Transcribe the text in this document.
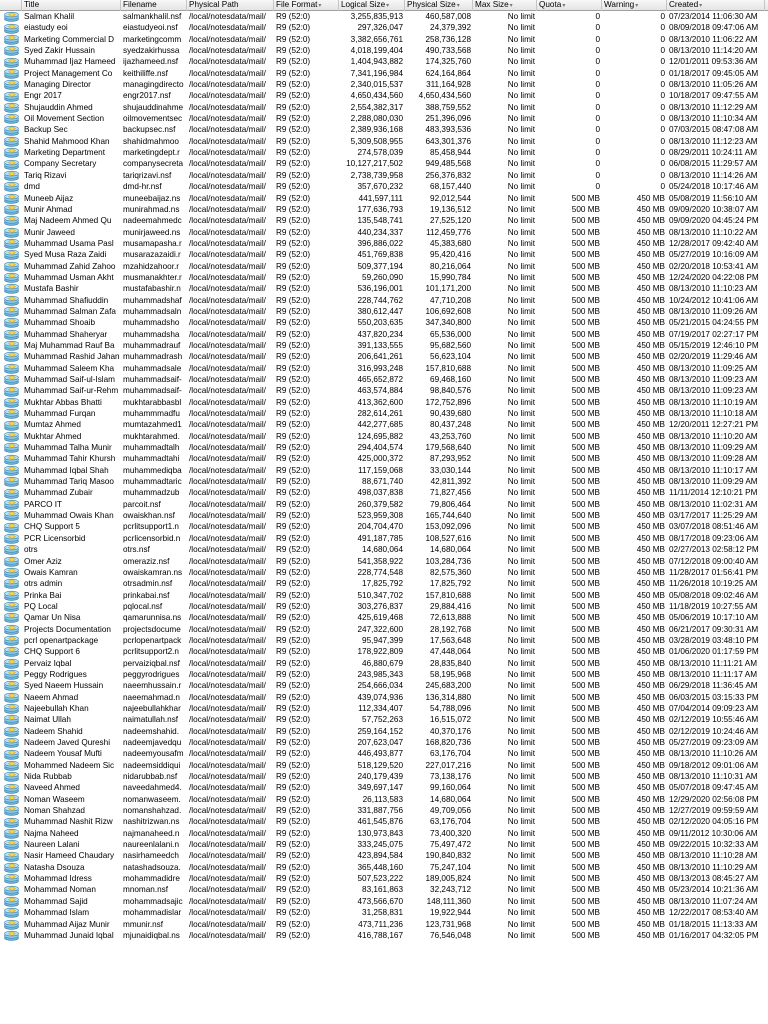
Title	Filename	Physical Path	File Format▾	Logical Size▾	Physical Size▾	Max Size▾	Quota▾	Warning▾	Created▾
Salman Khalil	salmankhalil.nsf /local/notesdata/mail/	R9 (52:0)	3,255,835,913	460,587,008	No limit	0	0 07/23/2014 11:06:30 AM
eiastudy eoi	eiastudyeoi.nsf	/local/notesdata/mail/	R9 (52:0)	297,326,047	24,379,392	No limit	0	0 08/09/2018 09:47:06 AM
Marketing Commercial D	marketingcomm /local/notesdata/mail/	R9 (52:0)	3,382,656,761	258,736,128	No limit	0	0 08/13/2010 11:06:22 AM
Syed Zakir Hussain	syedzakirhussa	/local/notesdata/mail/	R9 (52:0)	4,018,199,404	490,733,568	No limit	0	0 08/13/2010 11:14:20 AM
Muhammad Ijaz Hameed ijazhameed.nsf	/local/notesdata/mail/	R9 (52:0)	1,404,943,882	174,325,760	No limit	0	0 12/01/2011 09:53:36 AM
Project Management Co	keithiliffe.nsf	/local/notesdata/mail/	R9 (52:0)	7,341,196,984	624,164,864	No limit	0	0 01/18/2017 09:45:05 AM
Managing Director	managingdirecto /local/notesdata/mail/	R9 (52:0)	2,340,015,537	311,164,928	No limit	0	0 08/13/2010 11:05:26 AM
Engr 2017	engr2017.nsf	/local/notesdata/mail/	R9 (52:0)	4,650,434,560	4,650,434,560	No limit	0	0 10/18/2017 09:47:55 AM
Shujauddin Ahmed	shujauddinahme /local/notesdata/mail/	R9 (52:0)	2,554,382,317	388,759,552	No limit	0	0 08/13/2010 11:12:29 AM
Oil Movement Section	oilmovementsec /local/notesdata/mail/	R9 (52:0)	2,288,080,030	251,396,096	No limit	0	0 08/13/2010 11:10:34 AM
Backup Sec	backupsec.nsf	/local/notesdata/mail/	R9 (52:0)	2,389,936,168	483,393,536	No limit	0	0 07/03/2015 08:47:08 AM
Shahid Mahmood Khan	shahidmahmoo	/local/notesdata/mail/	R9 (52:0)	5,309,508,955	643,301,376	No limit	0	0 08/13/2010 11:12:23 AM
Marketing Department	marketingdept.r	/local/notesdata/mail/	R9 (52:0)	274,578,039	85,458,944	No limit	0	0 08/29/2011 10:24:11 AM
Company Secretary	companysecreta /local/notesdata/mail/	R9 (52:0)	10,127,217,502	949,485,568	No limit	0	0 06/08/2015 11:29:57 AM
Tariq Rizavi	tariqrizavi.nsf	/local/notesdata/mail/	R9 (52:0)	2,738,739,958	256,376,832	No limit	0	0 08/13/2010 11:14:26 AM
dmd	dmd-hr.nsf	/local/notesdata/mail/	R9 (52:0)	357,670,232	68,157,440	No limit	0	0 05/24/2018 10:17:46 AM
Muneeb Aijaz	muneebaijaz.ns	/local/notesdata/mail/	R9 (52:0)	441,597,111	92,012,544	No limit	500 MB	450 MB 05/08/2019 11:56:10 AM
Munir Ahmad	munirahmad.ns	/local/notesdata/mail/	R9 (52:0)	177,636,793	19,136,512	No limit	500 MB	450 MB 09/09/2020 10:38:07 AM
Maj Nadeem Ahmed Qu	nadeemahmedc /local/notesdata/mail/	R9 (52:0)	135,548,741	27,525,120	No limit	500 MB	450 MB 09/09/2020 04:45:24 PM
Munir Jaweed	munirjaweed.ns	/local/notesdata/mail/	R9 (52:0)	440,234,337	112,459,776	No limit	500 MB	450 MB 08/13/2010 11:10:22 AM
Muhammad Usama Pasl	musamapasha.r /local/notesdata/mail/	R9 (52:0)	396,886,022	45,383,680	No limit	500 MB	450 MB 12/28/2017 09:42:40 AM
Syed Musa Raza Zaidi	musarazazaidi.r	/local/notesdata/mail/	R9 (52:0)	451,769,838	95,420,416	No limit	500 MB	450 MB 05/27/2019 10:16:09 AM
Muhammad Zahid Zahoo mzahidzahoor.r	/local/notesdata/mail/	R9 (52:0)	509,377,194	80,216,064	No limit	500 MB	450 MB 02/20/2018 10:53:41 AM
Muhammad Usman Akht	musmanakhter.r /local/notesdata/mail/	R9 (52:0)	59,260,090	15,990,784	No limit	500 MB	450 MB 12/24/2020 04:22:08 PM
Mustafa Bashir	mustafabashir.n /local/notesdata/mail/	R9 (52:0)	536,196,001	101,171,200	No limit	500 MB	450 MB 08/13/2010 11:10:23 AM
Muhammad Shafiuddin	muhammadshaf /local/notesdata/mail/	R9 (52:0)	228,744,762	47,710,208	No limit	500 MB	450 MB 10/24/2012 10:41:06 AM
Muhammad Salman Zafa muhammadsaln /local/notesdata/mail/	R9 (52:0)	380,612,447	106,692,608	No limit	500 MB	450 MB 08/13/2010 11:09:26 AM
Muhammad Shoaib	muhammadsho	/local/notesdata/mail/	R9 (52:0)	550,203,635	347,340,800	No limit	500 MB	450 MB 05/21/2015 04:24:55 PM
Muhammad Shaheryar	muhammadsha	/local/notesdata/mail/	R9 (52:0)	437,820,234	65,536,000	No limit	500 MB	450 MB 07/19/2017 02:27:17 PM
Maj Muhammad Rauf Ba	muhammadrauf	/local/notesdata/mail/	R9 (52:0)	391,133,555	95,682,560	No limit	500 MB	450 MB 05/15/2019 12:46:10 PM
Muhammad Rashid Jahan muhammadrash /local/notesdata/mail/	R9 (52:0)	206,641,261	56,623,104	No limit	500 MB	450 MB 02/20/2019 11:29:46 AM
Muhammad Saleem Kha	muhammadsale /local/notesdata/mail/	R9 (52:0)	316,993,248	157,810,688	No limit	500 MB	450 MB 08/13/2010 11:09:25 AM
Muhammad Saif-ul-Islam muhammadsaif- /local/notesdata/mail/	R9 (52:0)	465,652,872	69,468,160	No limit	500 MB	450 MB 08/13/2010 11:09:23 AM
Muhammad Saif-ur-Rehm muhammadsaif- /local/notesdata/mail/	R9 (52:0)	463,574,884	98,840,576	No limit	500 MB	450 MB 08/13/2010 11:09:23 AM
Mukhtar Abbas Bhatti	mukhtarabbasbl /local/notesdata/mail/	R9 (52:0)	413,362,600	172,752,896	No limit	500 MB	450 MB 08/13/2010 11:10:19 AM
Muhammad Furqan	muhammmadfu	/local/notesdata/mail/	R9 (52:0)	282,614,261	90,439,680	No limit	500 MB	450 MB 08/13/2010 11:10:18 AM
Mumtaz Ahmed	mumtazahmed1 /local/notesdata/mail/	R9 (52:0)	442,277,685	80,437,248	No limit	500 MB	450 MB 12/20/2011 12:27:21 PM
Mukhtar Ahmed	mukhtarahmed.	/local/notesdata/mail/	R9 (52:0)	124,695,882	43,253,760	No limit	500 MB	450 MB 08/13/2010 11:10:20 AM
Muhammad Talha Munir	muhammadtalh	/local/notesdata/mail/	R9 (52:0)	294,404,574	179,568,640	No limit	500 MB	450 MB 08/13/2010 11:09:29 AM
Muhammad Tahir Khursh muhammadtahi	/local/notesdata/mail/	R9 (52:0)	425,000,372	87,293,952	No limit	500 MB	450 MB 08/13/2010 11:09:28 AM
Muhammad Iqbal Shah	muhammediqba /local/notesdata/mail/	R9 (52:0)	117,159,068	33,030,144	No limit	500 MB	450 MB 08/13/2010 11:10:17 AM
Muhammad Tariq Masoo	muhammadtaric /local/notesdata/mail/	R9 (52:0)	88,671,740	42,811,392	No limit	500 MB	450 MB 08/13/2010 11:09:29 AM
Muhammad Zubair	muhammadzub	/local/notesdata/mail/	R9 (52:0)	498,037,838	71,827,456	No limit	500 MB	450 MB 11/11/2014 12:10:21 PM
PARCO IT	parcoit.nsf	/local/notesdata/mail/	R9 (52:0)	260,379,582	79,806,464	No limit	500 MB	450 MB 08/13/2010 11:02:31 AM
Muhammad Owais Khan	owaiskhan.nsf	/local/notesdata/mail/	R9 (52:0)	523,959,308	165,744,640	No limit	500 MB	450 MB 03/17/2017 11:25:29 AM
CHQ Support 5	pcrlitsupport1.n	/local/notesdata/mail/	R9 (52:0)	204,704,470	153,092,096	No limit	500 MB	450 MB 03/07/2018 08:51:46 AM
PCR Licensorbid	pcrlicensorbid.n	/local/notesdata/mail/	R9 (52:0)	491,187,785	108,527,616	No limit	500 MB	450 MB 08/17/2018 09:23:06 AM
otrs	otrs.nsf	/local/notesdata/mail/	R9 (52:0)	14,680,064	14,680,064	No limit	500 MB	450 MB 02/27/2013 02:58:12 PM
Omer Aziz	omeraziz.nsf	/local/notesdata/mail/	R9 (52:0)	541,358,922	103,284,736	No limit	500 MB	450 MB 07/12/2018 09:00:40 AM
Owais Kamran	owaiskamran.ns /local/notesdata/mail/	R9 (52:0)	228,774,548	82,575,360	No limit	500 MB	450 MB 11/28/2017 01:56:41 PM
otrs admin	otrsadmin.nsf	/local/notesdata/mail/	R9 (52:0)	17,825,792	17,825,792	No limit	500 MB	450 MB 11/26/2018 10:19:25 AM
Prinka Bai	prinkabai.nsf	/local/notesdata/mail/	R9 (52:0)	510,347,702	157,810,688	No limit	500 MB	450 MB 05/08/2018 09:02:46 AM
PQ Local	pqlocal.nsf	/local/notesdata/mail/	R9 (52:0)	303,276,837	29,884,416	No limit	500 MB	450 MB 11/18/2019 10:27:55 AM
Qamar Un Nisa	qamarunnisa.ns /local/notesdata/mail/	R9 (52:0)	425,619,468	72,613,888	No limit	500 MB	450 MB 05/06/2019 10:17:10 AM
Projects Documentation	projectsdocume	/local/notesdata/mail/	R9 (52:0)	247,322,600	28,192,768	No limit	500 MB	450 MB 06/21/2017 09:30:31 AM
pcrl openartpackage	pcrlopenartpack /local/notesdata/mail/	R9 (52:0)	95,947,399	17,563,648	No limit	500 MB	450 MB 03/28/2019 03:48:10 PM
CHQ Support 6	pcrlitsupport2.n	/local/notesdata/mail/	R9 (52:0)	178,922,809	47,448,064	No limit	500 MB	450 MB 01/06/2020 01:17:59 PM
Pervaiz Iqbal	pervaiziqbal.nsf	/local/notesdata/mail/	R9 (52:0)	46,880,679	28,835,840	No limit	500 MB	450 MB 08/13/2010 11:11:21 AM
Peggy Rodrigues	peggyrodrigues	/local/notesdata/mail/	R9 (52:0)	243,985,343	58,195,968	No limit	500 MB	450 MB 08/13/2010 11:11:17 AM
Syed Naeem Hussain	naeemhussain.r /local/notesdata/mail/	R9 (52:0)	254,666,034	245,683,200	No limit	500 MB	450 MB 06/29/2018 11:36:45 AM
Naeem Ahmad	naeemahmad.n	/local/notesdata/mail/	R9 (52:0)	439,074,936	136,314,880	No limit	500 MB	450 MB 06/03/2015 03:15:33 PM
Najeebullah Khan	najeebullahkhar /local/notesdata/mail/	R9 (52:0)	112,334,407	54,788,096	No limit	500 MB	450 MB 07/04/2014 09:09:23 AM
Naimat Ullah	naimatullah.nsf	/local/notesdata/mail/	R9 (52:0)	57,752,263	16,515,072	No limit	500 MB	450 MB 02/12/2019 10:55:46 AM
Nadeem Shahid	nadeemshahid.	/local/notesdata/mail/	R9 (52:0)	259,164,152	40,370,176	No limit	500 MB	450 MB 02/12/2019 10:24:46 AM
Nadeem Javed Qureshi	nadeemjavedqu /local/notesdata/mail/	R9 (52:0)	207,623,047	168,820,736	No limit	500 MB	450 MB 05/27/2019 09:23:09 AM
Nadeem Yousaf Mufti	nadeemyousafm /local/notesdata/mail/	R9 (52:0)	446,493,877	63,176,704	No limit	500 MB	450 MB 08/13/2010 11:10:26 AM
Mohammed Nadeem Sic	nadeemsiddiqui	/local/notesdata/mail/	R9 (52:0)	518,129,520	227,017,216	No limit	500 MB	450 MB 09/18/2012 09:01:06 AM
Nida Rubbab	nidarubbab.nsf	/local/notesdata/mail/	R9 (52:0)	240,179,439	73,138,176	No limit	500 MB	450 MB 08/13/2010 11:10:31 AM
Naveed Ahmed	naveedahmed4. /local/notesdata/mail/	R9 (52:0)	349,697,147	99,160,064	No limit	500 MB	450 MB 05/07/2018 09:47:45 AM
Noman Waseem	nomanwaseem.	/local/notesdata/mail/	R9 (52:0)	26,113,583	14,680,064	No limit	500 MB	450 MB 12/29/2020 02:56:08 PM
Noman Shahzad	nomanshahzad. /local/notesdata/mail/	R9 (52:0)	331,887,756	49,709,056	No limit	500 MB	450 MB 12/27/2019 09:59:59 AM
Muhammad Nashit Rizw	nashitrizwan.ns	/local/notesdata/mail/	R9 (52:0)	461,545,876	63,176,704	No limit	500 MB	450 MB 02/12/2020 04:05:16 PM
Najma Naheed	najmanaheed.n	/local/notesdata/mail/	R9 (52:0)	130,973,843	73,400,320	No limit	500 MB	450 MB 09/11/2012 10:30:06 AM
Naureen Lalani	naureenlalani.n	/local/notesdata/mail/	R9 (52:0)	333,245,075	75,497,472	No limit	500 MB	450 MB 09/22/2015 10:32:33 AM
Nasir Hameed Chaudary	nasirhameedch	/local/notesdata/mail/	R9 (52:0)	423,894,584	190,840,832	No limit	500 MB	450 MB 08/13/2010 11:10:28 AM
Natasha Dsouza	natashadsouza. /local/notesdata/mail/	R9 (52:0)	365,448,160	75,247,104	No limit	500 MB	450 MB 08/13/2010 11:10:29 AM
Mohammad Idress	mohammadidre	/local/notesdata/mail/	R9 (52:0)	507,523,222	189,005,824	No limit	500 MB	450 MB 08/13/2013 08:45:27 AM
Mohammad Noman	mnoman.nsf	/local/notesdata/mail/	R9 (52:0)	83,161,863	32,243,712	No limit	500 MB	450 MB 05/23/2014 10:21:36 AM
Mohammad Sajid	mohammadsajic /local/notesdata/mail/	R9 (52:0)	473,566,670	148,111,360	No limit	500 MB	450 MB 08/13/2010 11:07:24 AM
Mohammad Islam	mohammadislar /local/notesdata/mail/	R9 (52:0)	31,258,831	19,922,944	No limit	500 MB	450 MB 12/22/2017 08:53:40 AM
Muhammad Aijaz Munir	mmunir.nsf	/local/notesdata/mail/	R9 (52:0)	473,711,236	123,731,968	No limit	500 MB	450 MB 01/18/2015 11:13:33 AM
Muhammad Junaid Iqbal	mjunaidiqbal.ns	/local/notesdata/mail/	R9 (52:0)	416,788,167	76,546,048	No limit	500 MB	450 MB 01/16/2017 04:32:05 PM
